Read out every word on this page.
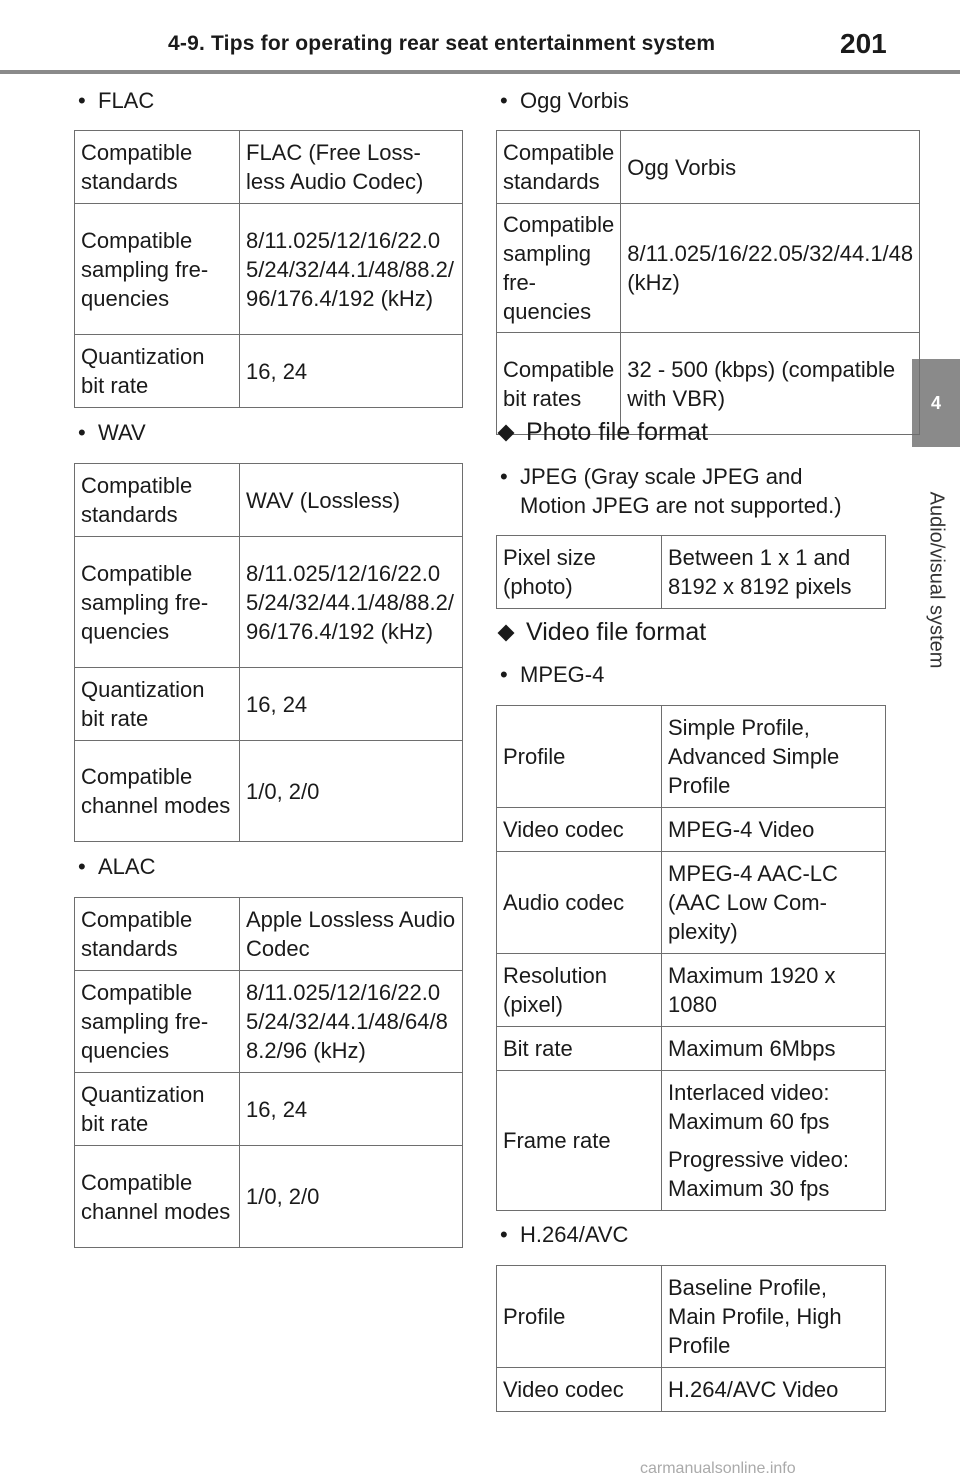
4-9. Tips for operating rear seat entertainment system	201
4
Audio/visual system
• FLAC
Compatible standards	FLAC (Free Loss-less Audio Codec)
Compatible sampling fre-quencies	8/11.025/12/16/22.05/24/32/44.1/48/88.2/96/176.4/192 (kHz)
Quantization bit rate	16, 24
• WAV
Compatible standards	WAV (Lossless)
Compatible sampling fre-quencies	8/11.025/12/16/22.05/24/32/44.1/48/88.2/96/176.4/192 (kHz)
Quantization bit rate	16, 24
Compatible channel modes	1/0, 2/0
• ALAC
Compatible standards	Apple Lossless Audio Codec
Compatible sampling fre-quencies	8/11.025/12/16/22.05/24/32/44.1/48/64/88.2/96 (kHz)
Quantization bit rate	16, 24
Compatible channel modes	1/0, 2/0
• Ogg Vorbis
Compatible standards	Ogg Vorbis
Compatible sampling fre-quencies	8/11.025/16/22.05/32/44.1/48 (kHz)
Compatible bit rates	32 - 500 (kbps) (compatible with VBR)
Photo file format
• JPEG (Gray scale JPEG and
Motion JPEG are not supported.)
Pixel size (photo)	Between 1 x 1 and 8192 x 8192 pixels
Video file format
• MPEG-4
Profile	Simple Profile, Advanced Simple Profile
Video codec	MPEG-4 Video
Audio codec	MPEG-4 AAC-LC (AAC Low Com-plexity)
Resolution (pixel)	Maximum 1920 x 1080
Bit rate	Maximum 6Mbps
Frame rate	Interlaced video: Maximum 60 fps

Progressive video: Maximum 30 fps

• H.264/AVC
Profile	Baseline Profile, Main Profile, High Profile
Video codec	H.264/AVC Video
carmanualsonline.info
